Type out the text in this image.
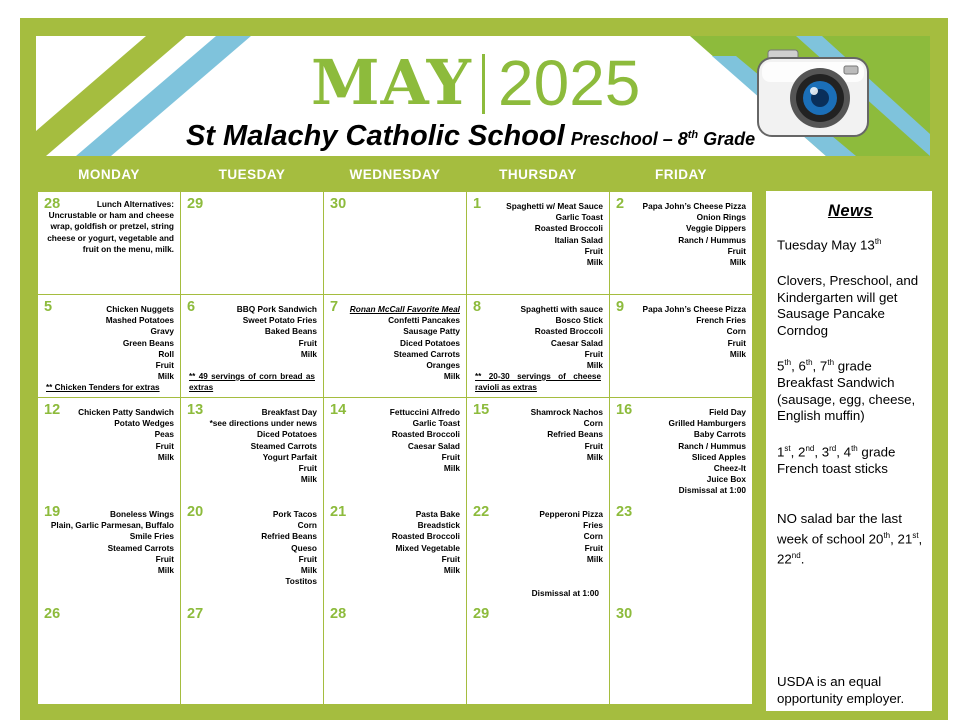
MAY 2025
St Malachy Catholic School Preschool – 8th Grade
MONDAY	TUESDAY	WEDNESDAY	THURSDAY	FRIDAY
28	Lunch Alternatives:
Uncrustable or ham and cheese
wrap, goldfish or pretzel, string
cheese or yogurt, vegetable and
fruit on the menu, milk.
29	30	1	Spaghetti w/ Meat Sauce
Garlic Toast
Roasted Broccoli
Italian Salad
Fruit
Milk
2 Papa John’s Cheese Pizza
Onion Rings
Veggie Dippers
Ranch / Hummus
Fruit
Milk
5	Chicken Nuggets
Mashed Potatoes
Gravy
Green Beans
Roll
Fruit
Milk
** Chicken Tenders for extras
6	BBQ Pork Sandwich
Sweet Potato Fries
Baked Beans
Fruit
Milk
** 49 servings of corn bread as extras
7 Ronan McCall Favorite Meal
Confetti Pancakes
Sausage Patty
Diced Potatoes
Steamed Carrots
Oranges
Milk
8	Spaghetti with sauce
Bosco Stick
Roasted Broccoli
Caesar Salad
Fruit
Milk
** 20-30 servings of cheese ravioli as extras
9 Papa John’s Cheese Pizza
French Fries
Corn
Fruit
Milk
12 Chicken Patty Sandwich
Potato Wedges
Peas
Fruit
Milk
13	Breakfast Day
*see directions under news
Diced Potatoes
Steamed Carrots
Yogurt Parfait
Fruit
Milk
14	Fettuccini Alfredo
Garlic Toast
Roasted Broccoli
Caesar Salad
Fruit
Milk
15	Shamrock Nachos
Corn
Refried Beans
Fruit
Milk
16	Field Day
Grilled Hamburgers
Baby Carrots
Ranch / Hummus
Sliced Apples
Cheez-It
Juice Box
Dismissal at 1:00
19	Boneless Wings
Plain, Garlic Parmesan, Buffalo
Smile Fries
Steamed Carrots
Fruit
Milk
20	Pork Tacos
Corn
Refried Beans
Queso
Fruit
Milk
Tostitos
21	Pasta Bake
Breadstick
Roasted Broccoli
Mixed Vegetable
Fruit
Milk
22	Pepperoni Pizza
Fries
Corn
Fruit
Milk
Dismissal at 1:00
23
26	27	28	29	30
News

Tuesday May 13th

Clovers, Preschool, and Kindergarten will get Sausage Pancake Corndog

5th, 6th, 7th grade Breakfast Sandwich (sausage, egg, cheese, English muffin)

1st, 2nd, 3rd, 4th grade French toast sticks

NO salad bar the last week of school 20th, 21st, 22nd.

USDA is an equal opportunity employer.
